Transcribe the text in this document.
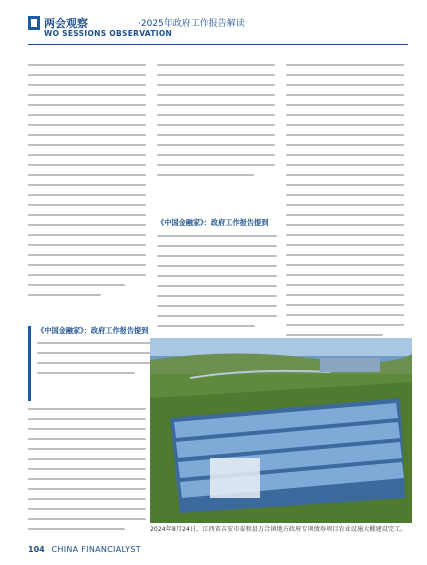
两会观察	·2025年政府工作报告解读
WO SESSIONS OBSERVATION
《中国金融家》：政府工作报告提到
《中国金融家》：政府工作报告提到
2024年8月24日，江西省吉安市泰和县万合镇地方政府专项债券项目农业设施大棚建设完工。
104 CHINA FINANCIALYST
